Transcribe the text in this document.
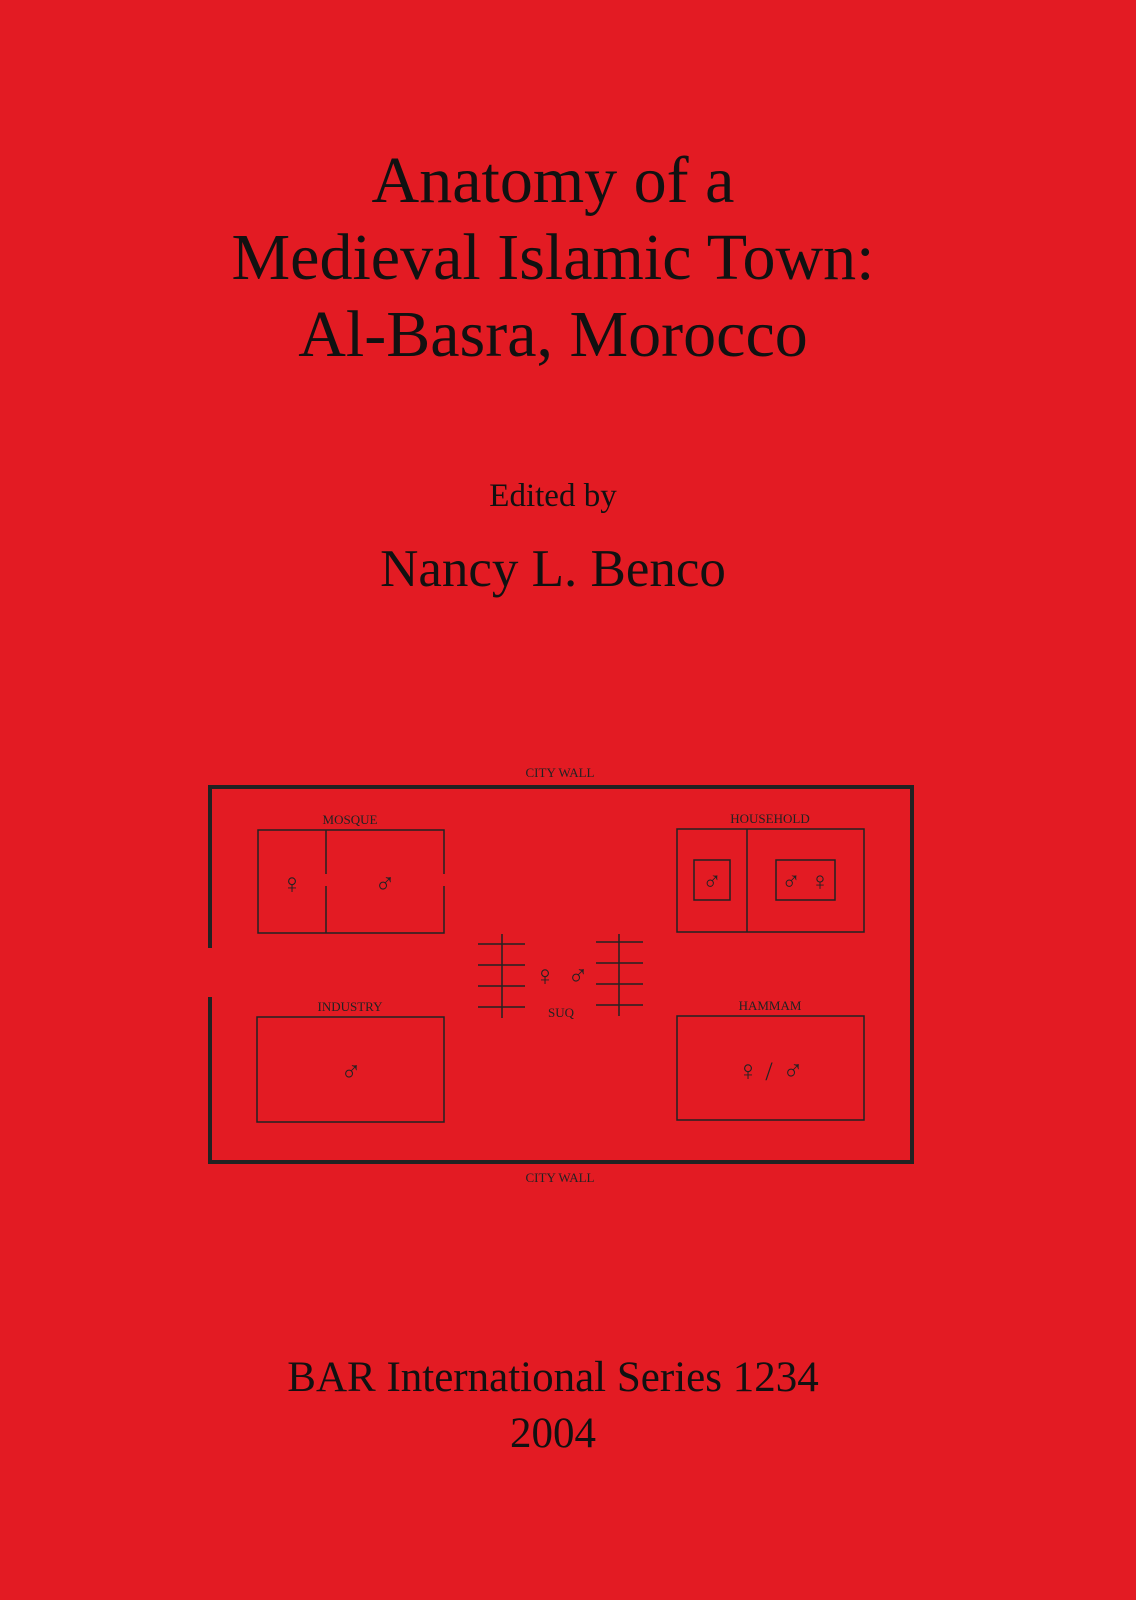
Anatomy of a
Medieval Islamic Town:
Al-Basra, Morocco
Edited by
Nancy L. Benco
CITY WALL
CITY WALL
MOSQUE
♀	♂
HOUSEHOLD
♂ ♂ ♀
♀ ♂
SUQ
INDUSTRY
♂
HAMMAM
♀ / ♂
BAR International Series 1234
2004
